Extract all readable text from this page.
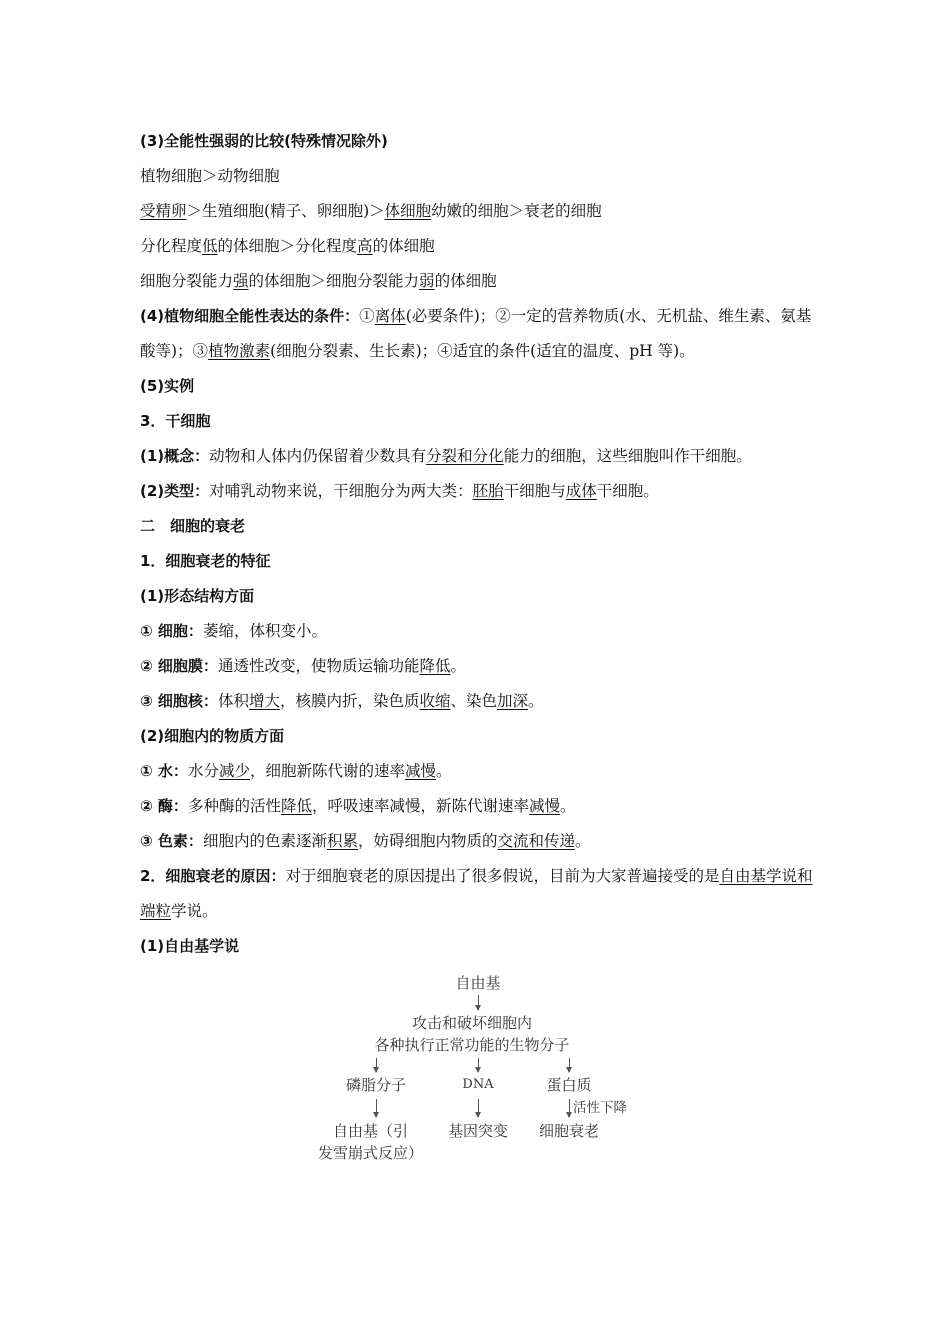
(3)全能性强弱的比较(特殊情况除外)

植物细胞＞动物细胞

受精卵＞生殖细胞(精子、卵细胞)＞体细胞幼嫩的细胞＞衰老的细胞

分化程度低的体细胞＞分化程度高的体细胞

细胞分裂能力强的体细胞＞细胞分裂能力弱的体细胞

(4)植物细胞全能性表达的条件：①离体(必要条件)；②一定的营养物质(水、无机盐、维生素、氨基酸等)；③植物激素(细胞分裂素、生长素)；④适宜的条件(适宜的温度、pH 等)。

(5)实例

3．干细胞

(1)概念：动物和人体内仍保留着少数具有分裂和分化能力的细胞，这些细胞叫作干细胞。

(2)类型：对哺乳动物来说，干细胞分为两大类：胚胎干细胞与成体干细胞。

二　细胞的衰老

1．细胞衰老的特征

(1)形态结构方面

① 细胞：萎缩，体积变小。

② 细胞膜：通透性改变，使物质运输功能降低。

③ 细胞核：体积增大，核膜内折，染色质收缩、染色加深。

(2)细胞内的物质方面

① 水：水分减少，细胞新陈代谢的速率减慢。

② 酶：多种酶的活性降低，呼吸速率减慢，新陈代谢速率减慢。

③ 色素：细胞内的色素逐渐积累，妨碍细胞内物质的交流和传递。

2．细胞衰老的原因：对于细胞衰老的原因提出了很多假说，目前为大家普遍接受的是自由基学说和端粒学说。

(1)自由基学说

自由基
攻击和破坏细胞内
各种执行正常功能的生物分子
磷脂分子	DNA	蛋白质
活性下降
自由基（引
发雪崩式反应）
基因突变 细胞衰老
